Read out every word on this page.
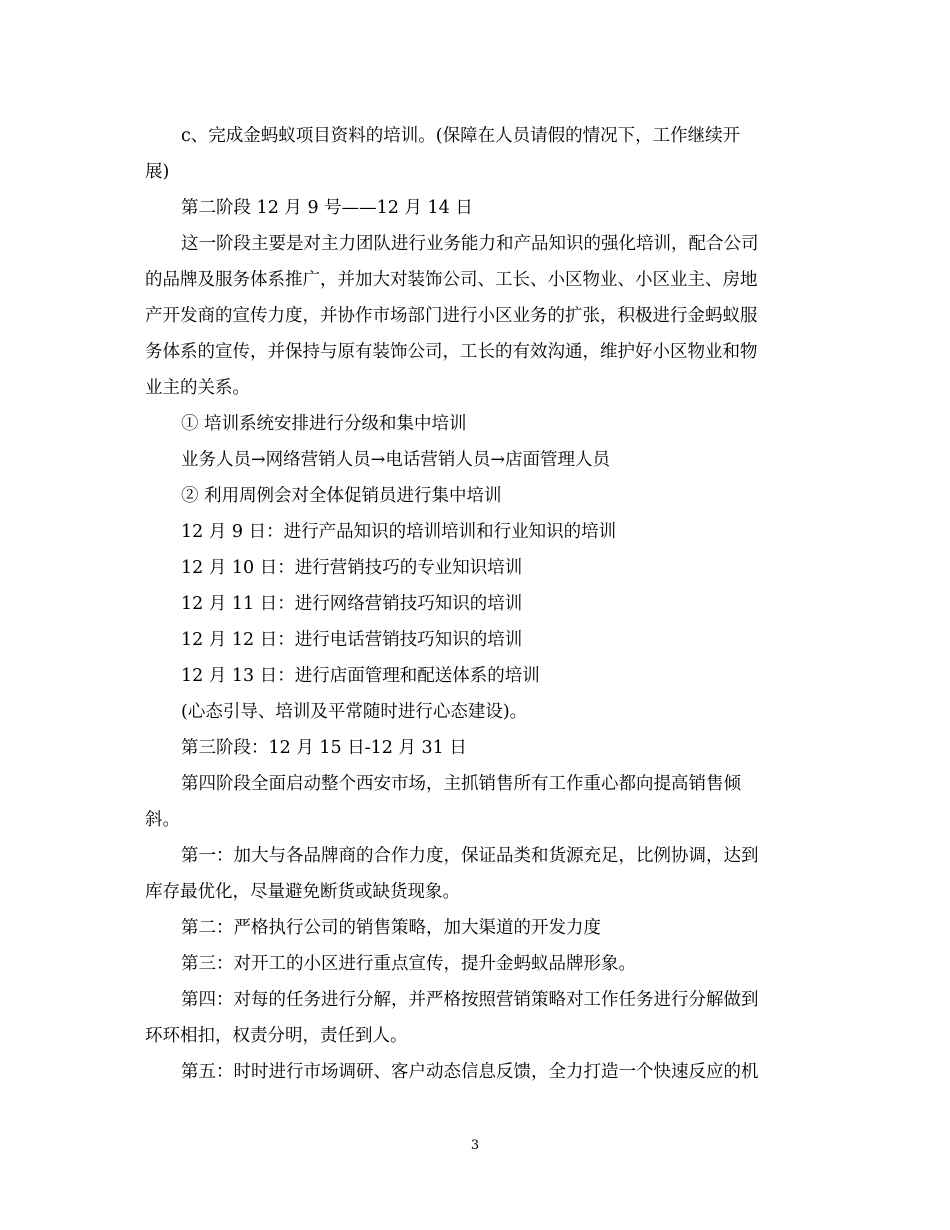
c、完成金蚂蚁项目资料的培训。(保障在人员请假的情况下，工作继续开
展)
第二阶段 12 月 9 号——12 月 14 日
这一阶段主要是对主力团队进行业务能力和产品知识的强化培训，配合公司
的品牌及服务体系推广，并加大对装饰公司、工长、小区物业、小区业主、房地
产开发商的宣传力度，并协作市场部门进行小区业务的扩张，积极进行金蚂蚁服
务体系的宣传，并保持与原有装饰公司，工长的有效沟通，维护好小区物业和物
业主的关系。
① 培训系统安排进行分级和集中培训
业务人员→网络营销人员→电话营销人员→店面管理人员
② 利用周例会对全体促销员进行集中培训
12 月 9 日：进行产品知识的培训培训和行业知识的培训
12 月 10 日：进行营销技巧的专业知识培训
12 月 11 日：进行网络营销技巧知识的培训
12 月 12 日：进行电话营销技巧知识的培训
12 月 13 日：进行店面管理和配送体系的培训
(心态引导、培训及平常随时进行心态建设)。
第三阶段：12 月 15 日-12 月 31 日
第四阶段全面启动整个西安市场，主抓销售所有工作重心都向提高销售倾
斜。
第一：加大与各品牌商的合作力度，保证品类和货源充足，比例协调，达到
库存最优化，尽量避免断货或缺货现象。
第二：严格执行公司的销售策略，加大渠道的开发力度
第三：对开工的小区进行重点宣传，提升金蚂蚁品牌形象。
第四：对每的任务进行分解，并严格按照营销策略对工作任务进行分解做到
环环相扣，权责分明，责任到人。
第五：时时进行市场调研、客户动态信息反馈，全力打造一个快速反应的机
3
